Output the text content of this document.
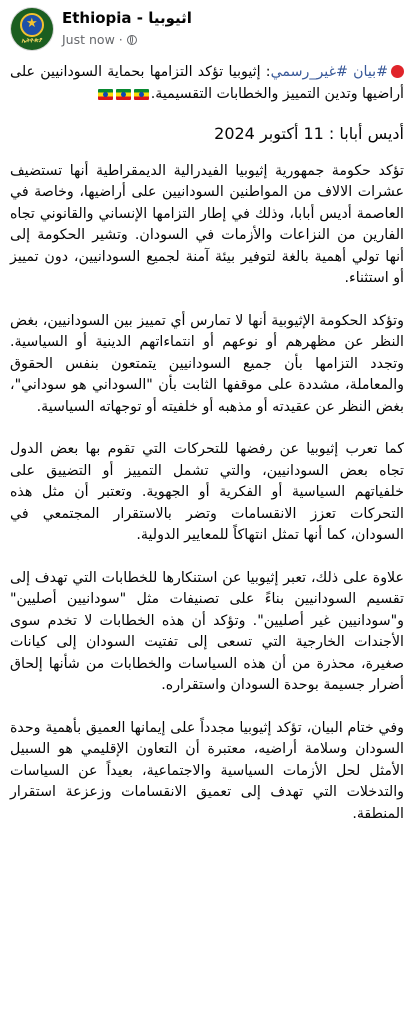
★
ኢትዮጵያ
Ethiopia - اثيوبيا
Just now ·

#بيان #غير_رسمي: إثيوبيا تؤكد التزامها بحماية السودانيين على أراضيها وتدين التمييز والخطابات التقسيمية.

أديس أبابا : 11 أكتوبر 2024

تؤكد حكومة جمهورية إثيوبيا الفيدرالية الديمقراطية أنها تستضيف عشرات الالاف من المواطنين السودانيين على أراضيها، وخاصة في العاصمة أديس أبابا، وذلك في إطار التزامها الإنساني والقانوني تجاه الفارين من النزاعات والأزمات في السودان. وتشير الحكومة إلى أنها تولي أهمية بالغة لتوفير بيئة آمنة لجميع السودانيين، دون تمييز أو استثناء.

وتؤكد الحكومة الإثيوبية أنها لا تمارس أي تمييز بين السودانيين، بغض النظر عن مظهرهم أو نوعهم أو انتماءاتهم الدينية أو السياسية. وتجدد التزامها بأن جميع السودانيين يتمتعون بنفس الحقوق والمعاملة، مشددة على موقفها الثابت بأن "السوداني هو سوداني"، بغض النظر عن عقيدته أو مذهبه أو خلفيته أو توجهاته السياسية.

كما تعرب إثيوبيا عن رفضها للتحركات التي تقوم بها بعض الدول تجاه بعض السودانيين، والتي تشمل التمييز أو التضييق على خلفياتهم السياسية أو الفكرية أو الجهوية. وتعتبر أن مثل هذه التحركات تعزز الانقسامات وتضر بالاستقرار المجتمعي في السودان، كما أنها تمثل انتهاكاً للمعايير الدولية.

علاوة على ذلك، تعبر إثيوبيا عن استنكارها للخطابات التي تهدف إلى تقسيم السودانيين بناءً على تصنيفات مثل "سودانيين أصليين" و"سودانيين غير أصليين". وتؤكد أن هذه الخطابات لا تخدم سوى الأجندات الخارجية التي تسعى إلى تفتيت السودان إلى كيانات صغيرة، محذرة من أن هذه السياسات والخطابات من شأنها إلحاق أضرار جسيمة بوحدة السودان واستقراره.

وفي ختام البيان، تؤكد إثيوبيا مجدداً على إيمانها العميق بأهمية وحدة السودان وسلامة أراضيه، معتبرة أن التعاون الإقليمي هو السبيل الأمثل لحل الأزمات السياسية والاجتماعية، بعيداً عن السياسات والتدخلات التي تهدف إلى تعميق الانقسامات وزعزعة استقرار المنطقة.
